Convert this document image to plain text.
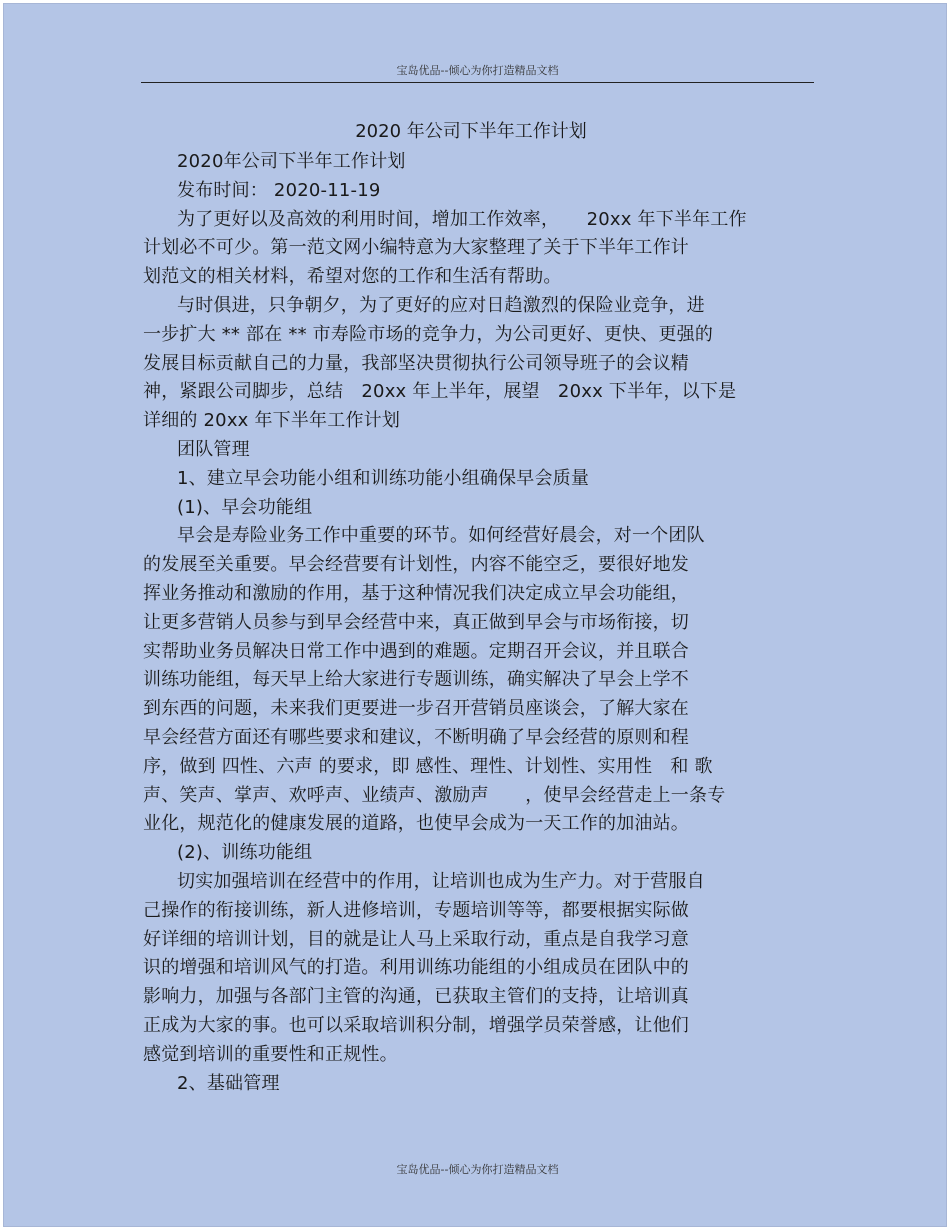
宝岛优品--倾心为你打造精品文档
2020 年公司下半年工作计划
2020年公司下半年工作计划
发布时间： 2020-11-19
为了更好以及高效的利用时间，增加工作效率，　　20xx 年下半年工作
计划必不可少。第一范文网小编特意为大家整理了关于下半年工作计
划范文的相关材料，希望对您的工作和生活有帮助。
与时俱进，只争朝夕，为了更好的应对日趋激烈的保险业竞争，进
一步扩大 ** 部在 ** 市寿险市场的竞争力，为公司更好、更快、更强的
发展目标贡献自己的力量，我部坚决贯彻执行公司领导班子的会议精
神，紧跟公司脚步，总结　20xx 年上半年，展望　20xx 下半年，以下是
详细的 20xx 年下半年工作计划
团队管理
1、建立早会功能小组和训练功能小组确保早会质量
(1)、早会功能组
早会是寿险业务工作中重要的环节。如何经营好晨会，对一个团队
的发展至关重要。早会经营要有计划性，内容不能空乏，要很好地发
挥业务推动和激励的作用，基于这种情况我们决定成立早会功能组，
让更多营销人员参与到早会经营中来，真正做到早会与市场衔接，切
实帮助业务员解决日常工作中遇到的难题。定期召开会议，并且联合
训练功能组，每天早上给大家进行专题训练，确实解决了早会上学不
到东西的问题，未来我们更要进一步召开营销员座谈会，了解大家在
早会经营方面还有哪些要求和建议，不断明确了早会经营的原则和程
序，做到 四性、六声 的要求，即 感性、理性、计划性、实用性　和 歌
声、笑声、掌声、欢呼声、业绩声、激励声　　，使早会经营走上一条专
业化，规范化的健康发展的道路，也使早会成为一天工作的加油站。
(2)、训练功能组
切实加强培训在经营中的作用，让培训也成为生产力。对于营服自
己操作的衔接训练，新人进修培训，专题培训等等，都要根据实际做
好详细的培训计划，目的就是让人马上采取行动，重点是自我学习意
识的增强和培训风气的打造。利用训练功能组的小组成员在团队中的
影响力，加强与各部门主管的沟通，已获取主管们的支持，让培训真
正成为大家的事。也可以采取培训积分制，增强学员荣誉感，让他们
感觉到培训的重要性和正规性。
2、基础管理
宝岛优品--倾心为你打造精品文档
